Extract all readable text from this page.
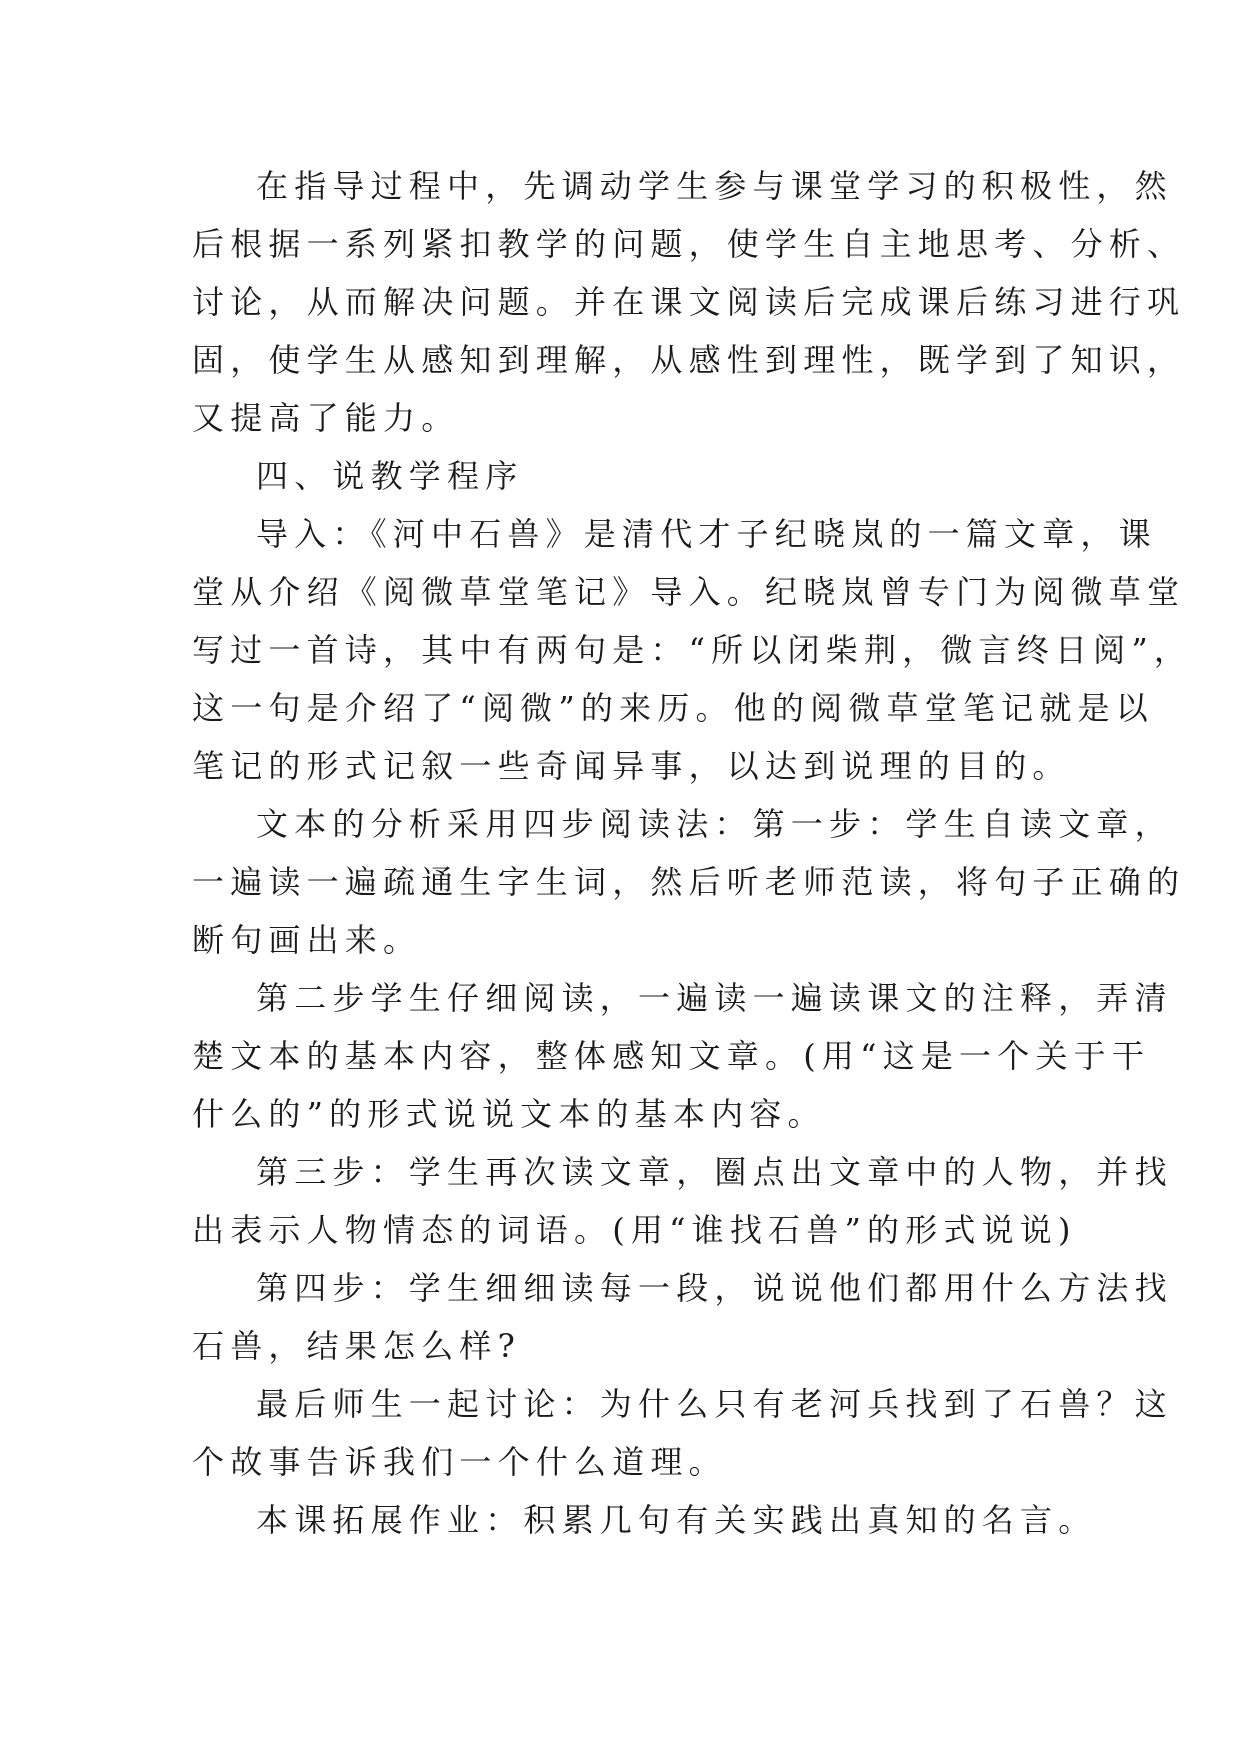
在指导过程中，先调动学生参与课堂学习的积极性，然
后根据一系列紧扣教学的问题，使学生自主地思考、分析、
讨论，从而解决问题。并在课文阅读后完成课后练习进行巩
固，使学生从感知到理解，从感性到理性，既学到了知识，
又提高了能力。
四、说教学程序
导入：《河中石兽》是清代才子纪晓岚的一篇文章，课
堂从介绍《阅微草堂笔记》导入。纪晓岚曾专门为阅微草堂
写过一首诗，其中有两句是：“所以闭柴荆，微言终日阅”，
这一句是介绍了“阅微”的来历。他的阅微草堂笔记就是以
笔记的形式记叙一些奇闻异事，以达到说理的目的。
文本的分析采用四步阅读法：第一步：学生自读文章，
一遍读一遍疏通生字生词，然后听老师范读，将句子正确的
断句画出来。
第二步学生仔细阅读，一遍读一遍读课文的注释，弄清
楚文本的基本内容，整体感知文章。(用“这是一个关于干
什么的”的形式说说文本的基本内容。
第三步：学生再次读文章，圈点出文章中的人物，并找
出表示人物情态的词语。(用“谁找石兽”的形式说说)
第四步：学生细细读每一段，说说他们都用什么方法找
石兽，结果怎么样?
最后师生一起讨论：为什么只有老河兵找到了石兽？这
个故事告诉我们一个什么道理。
本课拓展作业：积累几句有关实践出真知的名言。
